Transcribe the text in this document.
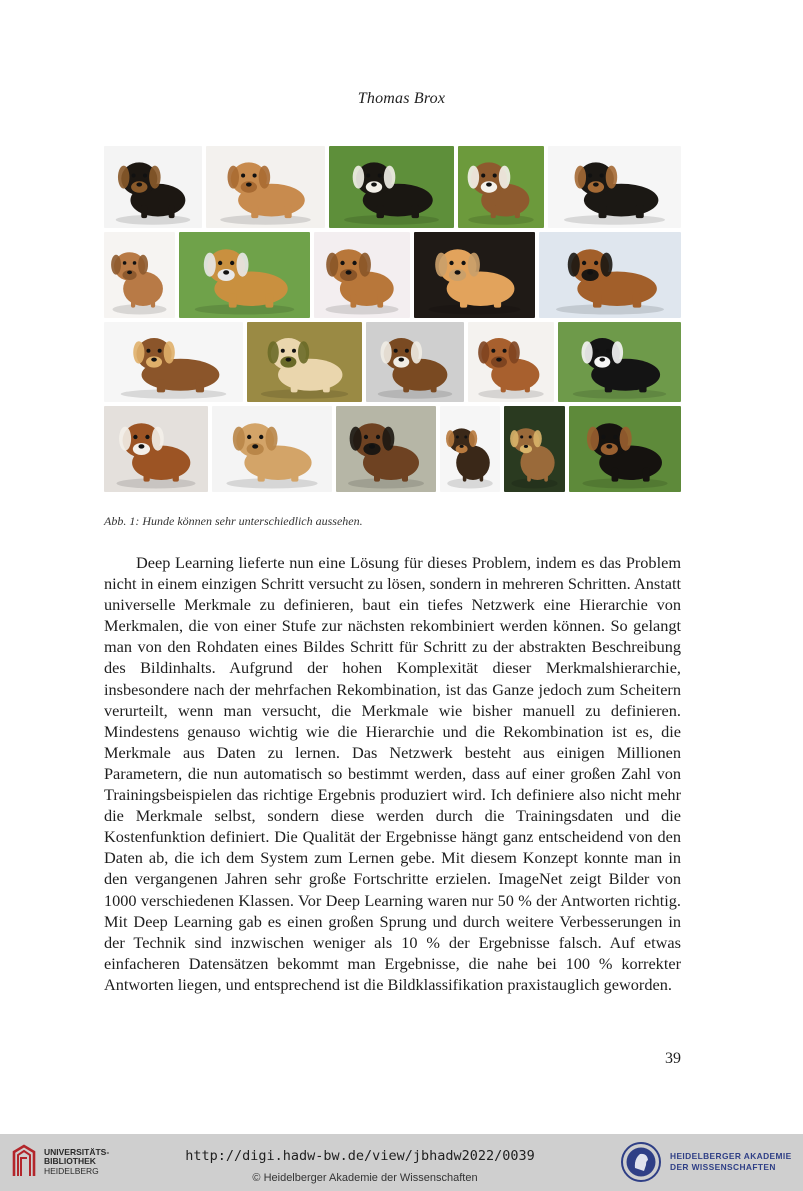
Thomas Brox
Abb. 1: Hunde können sehr unterschiedlich aussehen.

Deep Learning lieferte nun eine Lösung für dieses Problem, indem es das Problem nicht in einem einzigen Schritt versucht zu lösen, sondern in mehreren Schritten. Anstatt universelle Merkmale zu definieren, baut ein tiefes Netzwerk eine Hierarchie von Merkmalen, die von einer Stufe zur nächsten rekombiniert werden können. So gelangt man von den Rohdaten eines Bildes Schritt für Schritt zu der abstrakten Beschreibung des Bildinhalts. Aufgrund der hohen Komplexität dieser Merkmalshierarchie, insbesondere nach der mehrfachen Rekombination, ist das Ganze jedoch zum Scheitern verurteilt, wenn man versucht, die Merkmale wie bisher manuell zu definieren. Mindestens genauso wichtig wie die Hierarchie und die Rekombination ist es, die Merkmale aus Daten zu lernen. Das Netzwerk besteht aus einigen Millionen Parametern, die nun automatisch so bestimmt werden, dass auf einer großen Zahl von Trainingsbeispielen das richtige Ergebnis produziert wird. Ich definiere also nicht mehr die Merkmale selbst, sondern diese werden durch die Trainingsdaten und die Kostenfunktion definiert. Die Qualität der Ergebnisse hängt ganz entscheidend von den Daten ab, die ich dem System zum Lernen gebe. Mit diesem Konzept konnte man in den vergangenen Jahren sehr große Fortschritte erzielen. ImageNet zeigt Bilder von 1000 verschiedenen Klassen. Vor Deep Learning waren nur 50 % der Antworten richtig. Mit Deep Learning gab es einen großen Sprung und durch weitere Verbesserungen in der Technik sind inzwischen weniger als 10 % der Ergebnisse falsch. Auf etwas einfacheren Datensätzen bekommt man Ergebnisse, die nahe bei 100 % korrekter Antworten liegen, und entsprechend ist die Bildklassifikation praxistauglich geworden.

39
UNIVERSITÄTS-
BIBLIOTHEK
HEIDELBERG
http://digi.hadw-bw.de/view/jbhadw2022/0039
© Heidelberger Akademie der Wissenschaften
HEIDELBERGER AKADEMIE
DER WISSENSCHAFTEN
